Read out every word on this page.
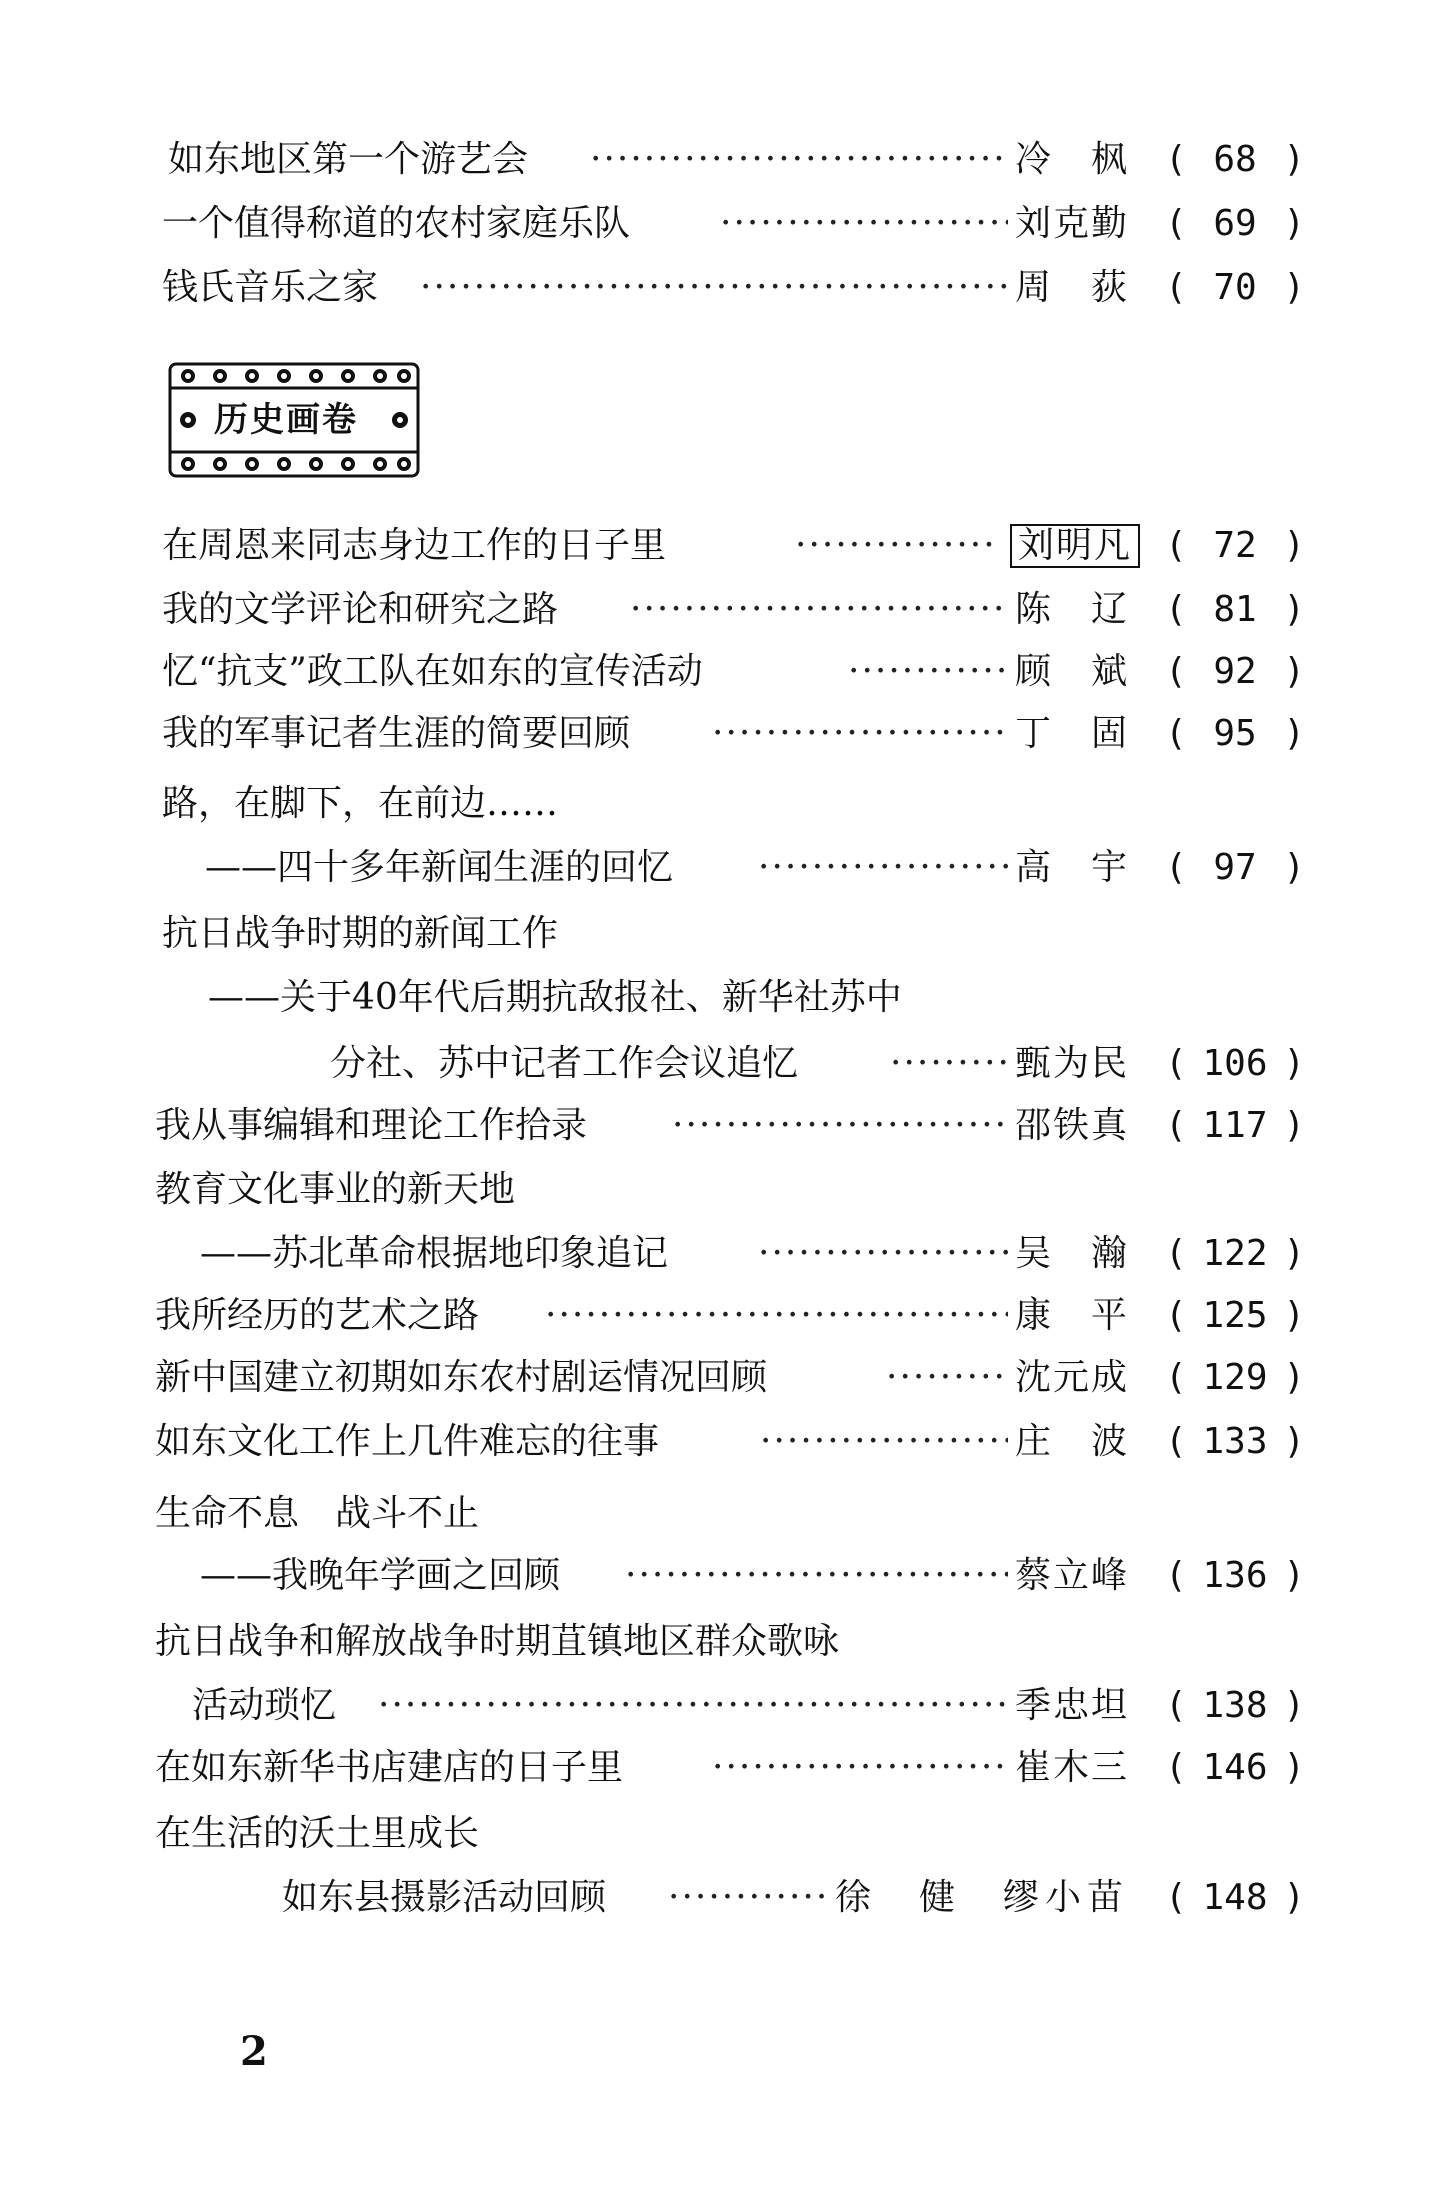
如东地区第一个游艺会 ·····	冷　枫 ( 68 )
一个值得称道的农村家庭乐队 ·····	刘克勤 ( 69 )
钱氏音乐之家 ·····	周　荻 ( 70 )
历史画卷
在周恩来同志身边工作的日子里 ·····	刘明凡 ( 72 )
我的文学评论和研究之路 ·····	陈　辽 ( 81 )
忆“抗支”政工队在如东的宣传活动 ·····	顾　斌 ( 92 )
我的军事记者生涯的简要回顾 ·····	丁　固 ( 95 )
路，在脚下，在前边……
——四十多年新闻生涯的回忆 ·····	高　宇 ( 97 )
抗日战争时期的新闻工作
——关于40年代后期抗敌报社、新华社苏中
分社、苏中记者工作会议追忆 ·····	甄为民 ( 106 )
我从事编辑和理论工作拾录 ·····	邵铁真 ( 117 )
教育文化事业的新天地
——苏北革命根据地印象追记 ·····	吴　瀚 ( 122 )
我所经历的艺术之路 ·····	康　平 ( 125 )
新中国建立初期如东农村剧运情况回顾 ·····	沈元成 ( 129 )
如东文化工作上几件难忘的往事 ·····	庄　波 ( 133 )
生命不息　战斗不止
——我晚年学画之回顾 ·····	蔡立峰 ( 136 )
抗日战争和解放战争时期苴镇地区群众歌咏
活动琐忆 ·····	季忠坦 ( 138 )
在如东新华书店建店的日子里 ·····	崔木三 ( 146 )
在生活的沃土里成长
如东县摄影活动回顾 ·····	徐　健　缪小苗 ( 148 )
2
